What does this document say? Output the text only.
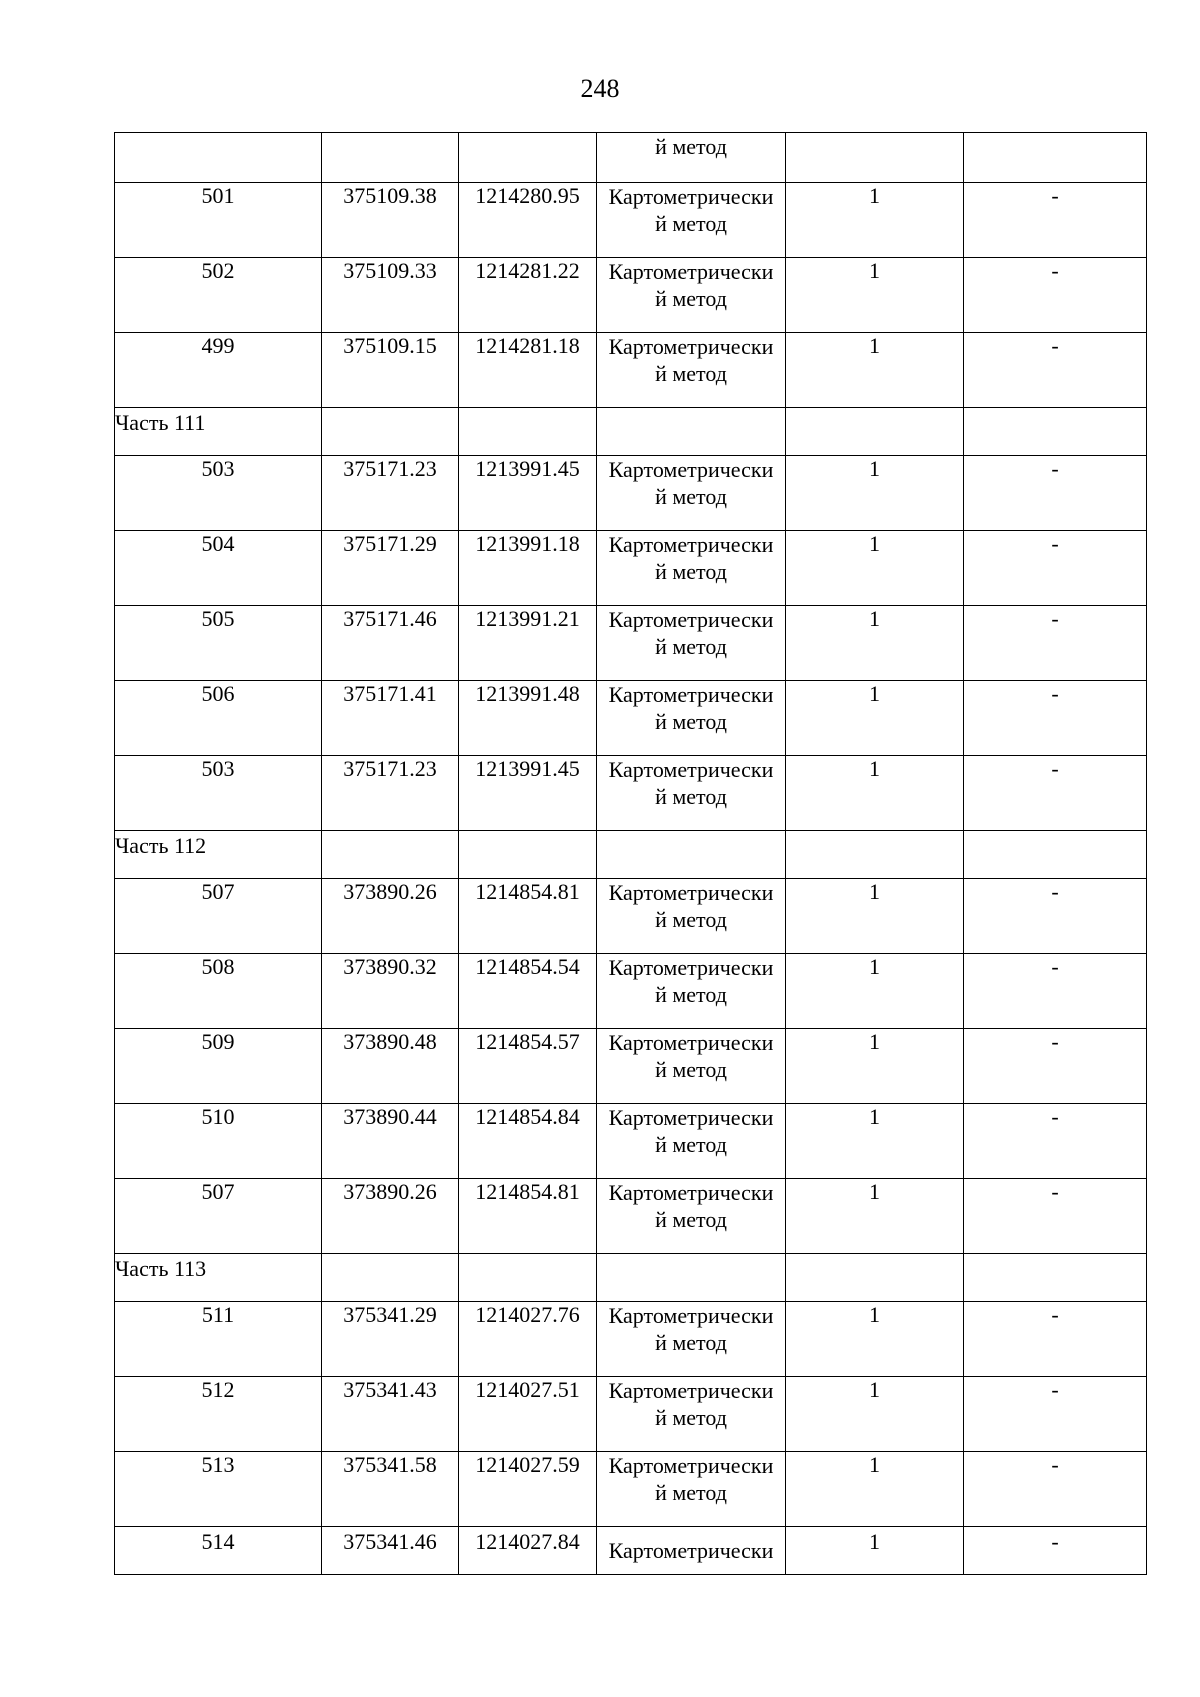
248

			й метод		

501	375109.38	1214280.95	Картометрически
й метод	1	-
502	375109.33	1214281.22	Картометрически
й метод	1	-
499	375109.15	1214281.18	Картометрически
й метод	1	-
Часть 111					
503	375171.23	1213991.45	Картометрически
й метод	1	-
504	375171.29	1213991.18	Картометрически
й метод	1	-
505	375171.46	1213991.21	Картометрически
й метод	1	-
506	375171.41	1213991.48	Картометрически
й метод	1	-
503	375171.23	1213991.45	Картометрически
й метод	1	-
Часть 112					
507	373890.26	1214854.81	Картометрически
й метод	1	-
508	373890.32	1214854.54	Картометрически
й метод	1	-
509	373890.48	1214854.57	Картометрически
й метод	1	-
510	373890.44	1214854.84	Картометрически
й метод	1	-
507	373890.26	1214854.81	Картометрически
й метод	1	-
Часть 113					
511	375341.29	1214027.76	Картометрически
й метод	1	-
512	375341.43	1214027.51	Картометрически
й метод	1	-
513	375341.58	1214027.59	Картометрически
й метод	1	-
514	375341.46	1214027.84	Картометрически	1	-
